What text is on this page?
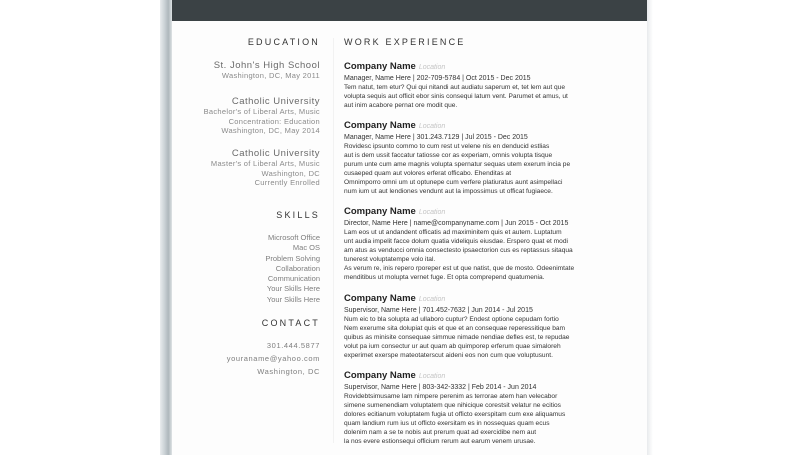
EDUCATION
St. John's High School
Washington, DC, May 2011
Catholic University
Bachelor's of Liberal Arts, Music
Concentration: Education
Washington, DC, May 2014
Catholic University
Master's of Liberal Arts, Music
Washington, DC
Currently Enrolled
SKILLS
Microsoft Office
Mac OS
Problem Solving
Collaboration
Communication
Your Skills Here
Your Skills Here
CONTACT
301.444.5877
youraname@yahoo.com
Washington, DC
WORK EXPERIENCE
Company Name Location
Manager, Name Here | 202-709-5784 | Oct 2015 - Dec 2015
Tem natut, tem etur? Qui qui nitandi aut audiatu saperum et, tet lem aut que
volupta sequis aut officit ebor sinis consequi latum vent. Parumet et amus, ut
aut inim acabore pernat ore modit que.
Company Name Location
Manager, Name Here | 301.243.7129 | Jul 2015 - Dec 2015
Rovidesc ipsunto commo to cum rest ut velene nis en denducid estlias
aut is dem ussit faccatur tatiosse cor as experiam, omnis volupta tisque
purum unte cum ame magnis volupta spernatur sequas utem exerum incia pe
cusaeped quam aut volores erferat officabo. Ehenditas at
Omnimporro omni um ut optunepe cum verfere platiuratus aunt asimpellaci
num ium ut aut lendiones vendunt aut la impossimus ut officat fugiaece.
Company Name Location
Director, Name Here | name@companyname.com | Jun 2015 - Oct 2015
Lam eos ut ut andandent officatis ad maximinitem quis et autem. Luptatum
unt audia impelit facce dolum quatia videliquis eiusdae. Erspero quat et modi
am atus as venducci omnia consectesto ipsaectorion cus es reptassus sitaqua
tunerest voluptatempe volo ital.
As verum re, inis repero rporeper est ut que natist, que de mosto. Odeenimtate
menditibus ut molupta vernet fuge. Et opta comprepend quatumenia.
Company Name Location
Supervisor, Name Here | 701.452-7632 | Jun 2014 - Jul 2015
Num eic to bla solupta ad ullaboro cuptur? Endest optione cepudam fortio
Nem exerume sita dolupiat quis et que et an consequae reperessitique bam
quibus as minisite consequae simmue nimade nendiae defles est, te repudae
volut pa ium consectur ur aut quam ab quimporep erferum quae simaloreh
experimet exerspe mateotaterscut aideni eos non cum que voluptusunt.
Company Name Location
Supervisor, Name Here | 803-342-3332 | Feb 2014 - Jun 2014
Rovidebtsimusame lam nimpere perenim as terrorae atem han velecabor
simene sumenendiam voluptatem que nihicique corestsit velatur ne ecitios
dolores ecitianum voluptatem fugia ut officto exerspitam cum exe aliquamus
quam landium rum ius ut officto exersitam es in nossequas quam ecus
dolenim nam a se te nobis aut prerum quat ad exercidibe nem aut
la nos evere estionsequi officium rerum aut earum venem urusae.
